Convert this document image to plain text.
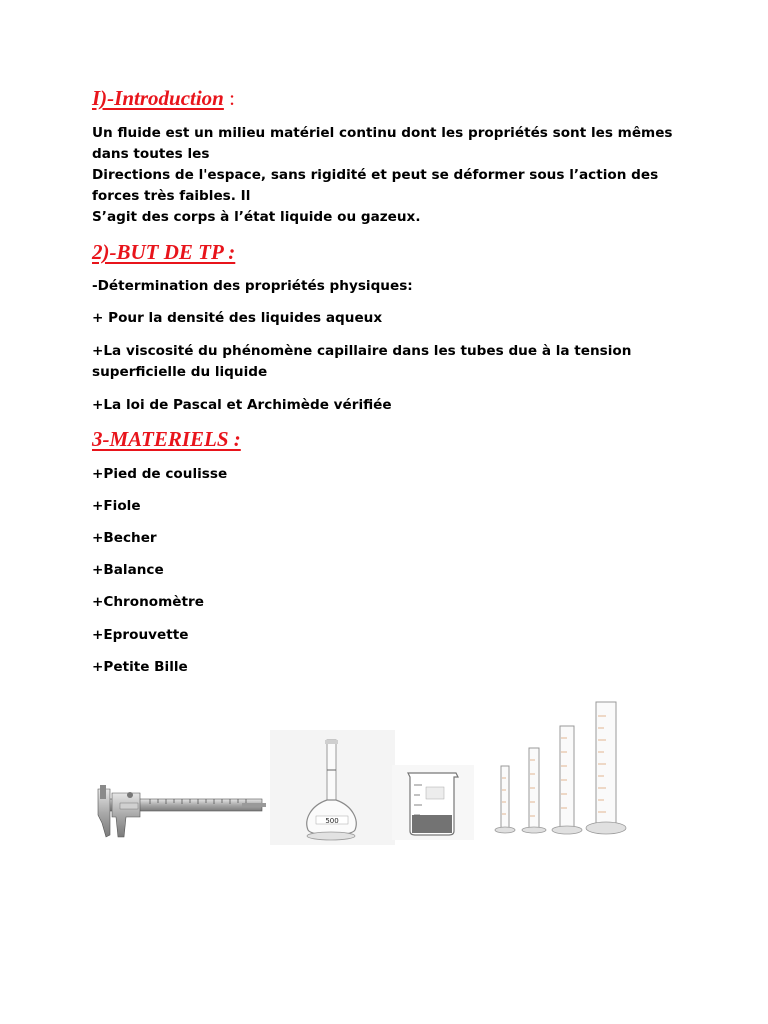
I)-Introduction :

Un fluide est un milieu matériel continu dont les propriétés sont les mêmes dans toutes les

Directions de l'espace, sans rigidité et peut se déformer sous l’action des forces très faibles. Il

S’agit des corps à l’état liquide ou gazeux.

2)-BUT DE TP :
-Détermination des propriétés physiques:
+ Pour la densité des liquides aqueux
+La viscosité du phénomène capillaire dans les tubes due à la tension superficielle du liquide
+La loi de Pascal et Archimède vérifiée
3-MATERIELS :
+Pied de coulisse
+Fiole
+Becher
+Balance
+Chronomètre
+Eprouvette
+Petite Bille
500
